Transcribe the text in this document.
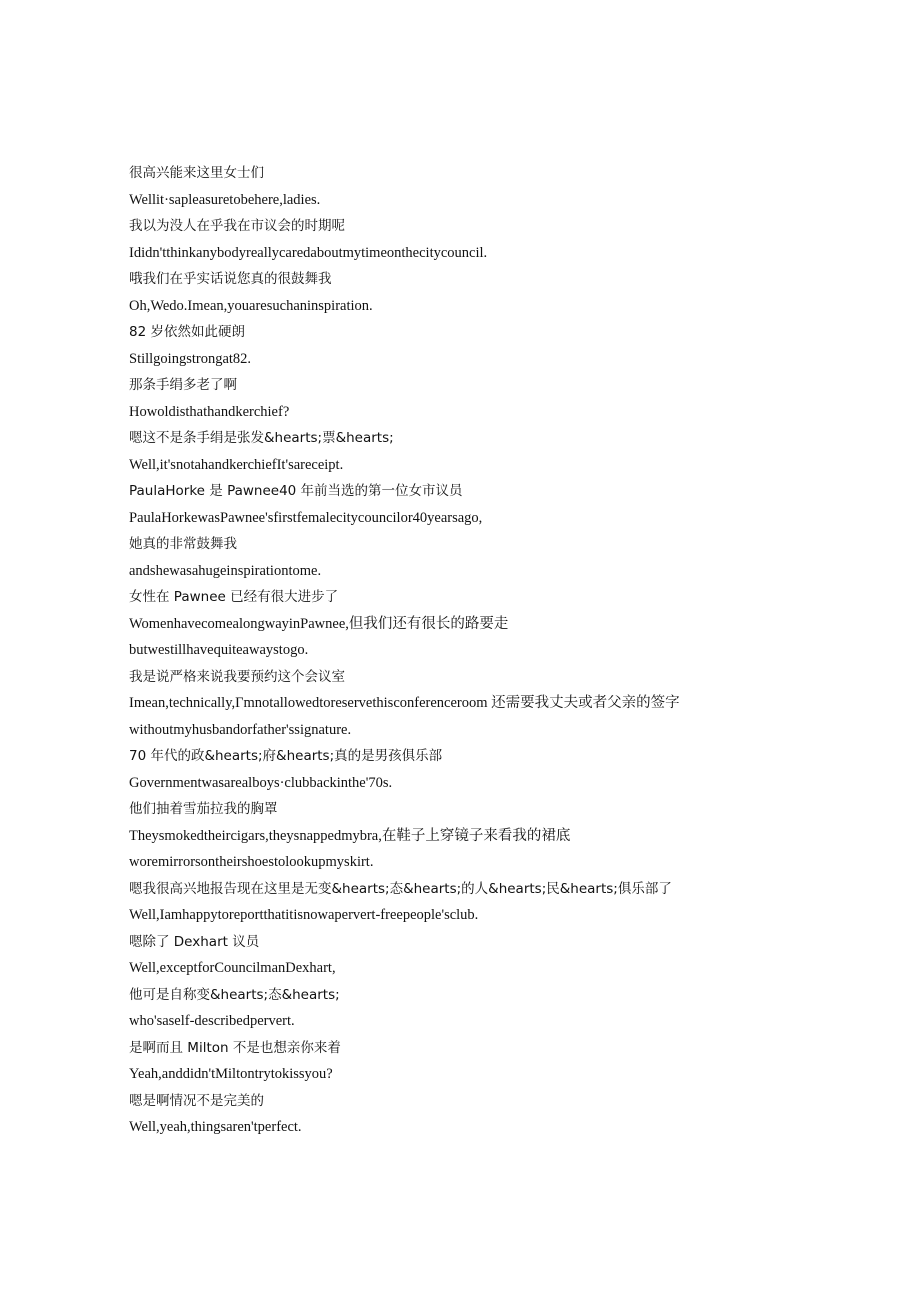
很高兴能来这里女士们
Wellit·sapleasuretobehere,ladies.
我以为没人在乎我在市议会的时期呢
Ididn'tthinkanybodyreallycaredaboutmytimeonthecitycouncil.
哦我们在乎实话说您真的很鼓舞我
Oh,Wedo.Imean,youaresuchaninspiration.
82 岁依然如此硬朗
Stillgoingstrongat82.
那条手绢多老了啊
Howoldisthathandkerchief?
嗯这不是条手绢是张发&hearts;票&hearts;
Well,it'snotahandkerchiefIt'sareceipt.
PaulaHorke 是 Pawnee40 年前当选的第一位女市议员
PaulaHorkewasPawnee'sfirstfemalecitycouncilor40yearsago,
她真的非常鼓舞我
andshewasahugeinspirationtome.
女性在 Pawnee 已经有很大进步了
WomenhavecomealongwayinPawnee,但我们还有很长的路要走
butwestillhavequiteawaystogo.
我是说严格来说我要预约这个会议室
Imean,technically,Γmnotallowedtoreservethisconferenceroom 还需要我丈夫或者父亲的签字
withoutmyhusbandorfather'ssignature.
70 年代的政&hearts;府&hearts;真的是男孩俱乐部
Governmentwasarealboys·clubbackinthe'70s.
他们抽着雪茄拉我的胸罩
Theysmokedtheircigars,theysnappedmybra,在鞋子上穿镜子来看我的裙底
woremirrorsontheirshoestolookupmyskirt.
嗯我很高兴地报告现在这里是无变&hearts;态&hearts;的人&hearts;民&hearts;俱乐部了
Well,Iamhappytoreportthatitisnowapervert-freepeople'sclub.
嗯除了 Dexhart 议员
Well,exceptforCouncilmanDexhart,
他可是自称变&hearts;态&hearts;
who'saself-describedpervert.
是啊而且 Milton 不是也想亲你来着
Yeah,anddidn'tMiltontrytokissyou?
嗯是啊情况不是完美的
Well,yeah,thingsaren'tperfect.
